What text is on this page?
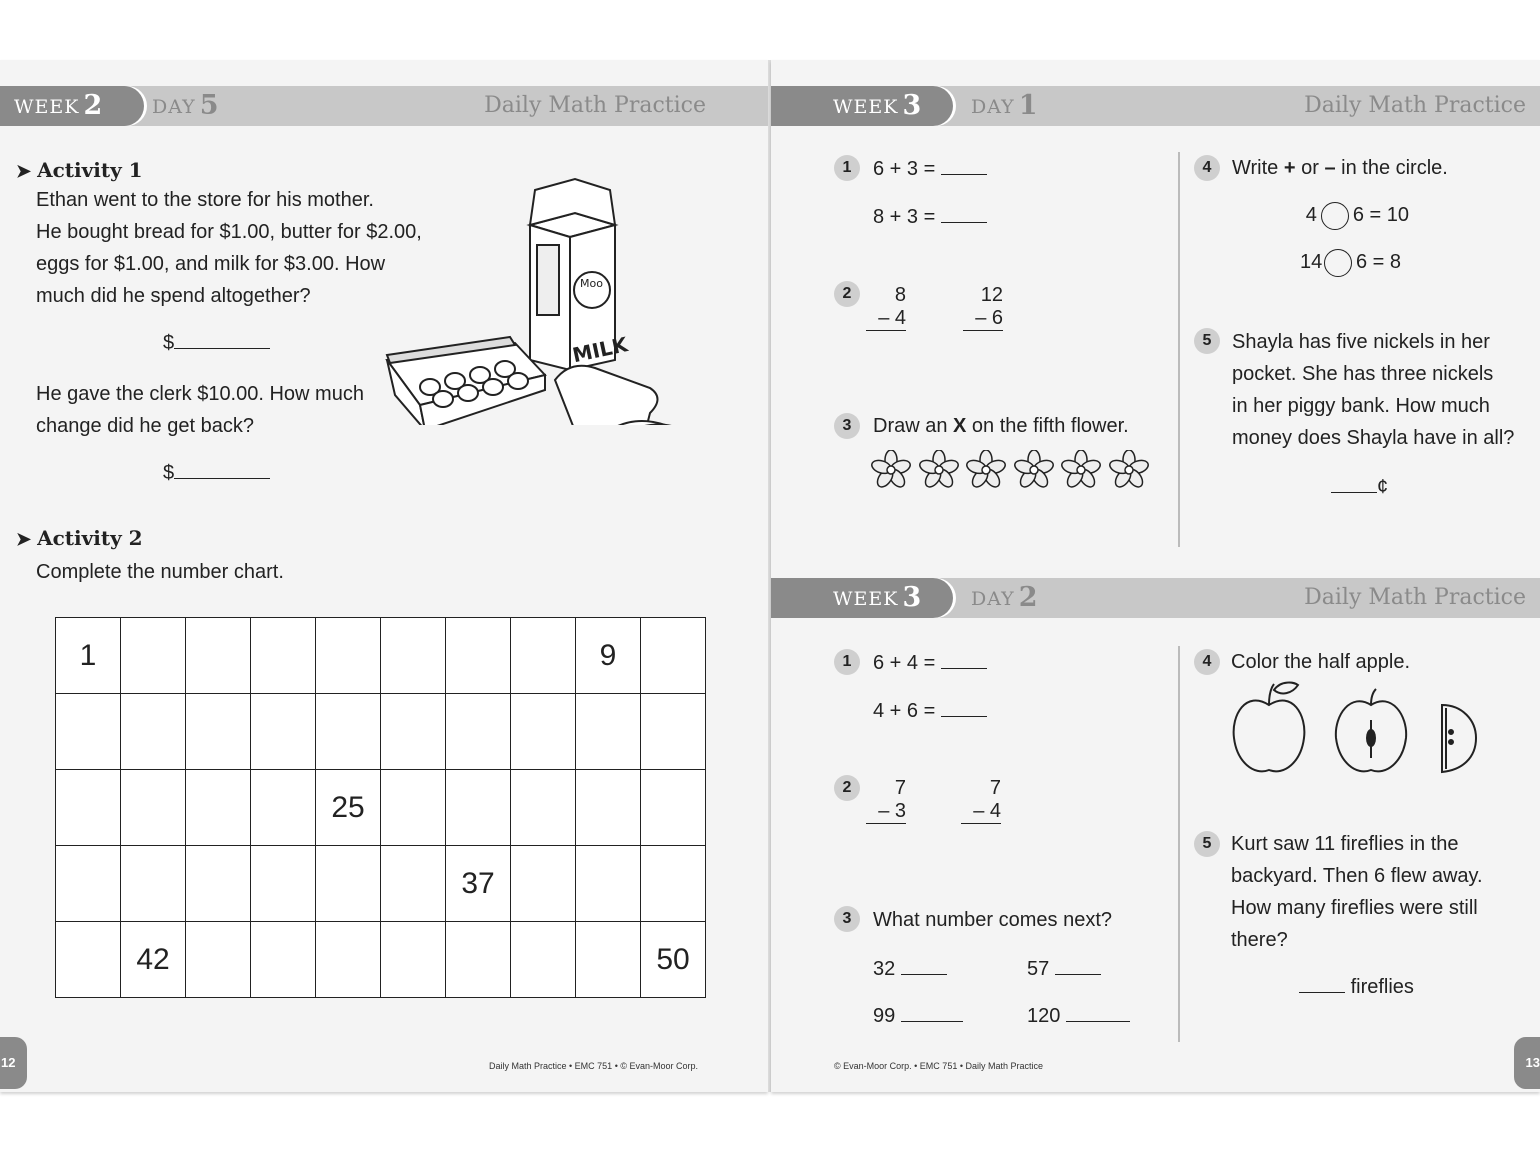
WEEK 2	DAY 5	Daily Math Practice
➤ Activity 1
Ethan went to the store for his mother.
He bought bread for $1.00, butter for $2.00,
eggs for $1.00, and milk for $3.00. How
much did he spend altogether?
$
He gave the clerk $10.00. How much
change did he get back?
$
Moo
MILK
➤ Activity 2
Complete the number chart.
Daily Math Practice • EMC 751 • © Evan-Moor Corp.
12
1								9	

				25					
						37			
	42								50
WEEK 3	DAY 1	Daily Math Practice
1	6 + 3 =
8 + 3 =
2	8
– 4
12
– 6
3	Draw an X on the fifth flower.
4	Write + or – in the circle.
4 6 = 10
14 6 = 8
5	Shayla has five nickels in her
pocket. She has three nickels
in her piggy bank. How much
money does Shayla have in all?
¢
WEEK 3	DAY 2	Daily Math Practice
1	6 + 4 =
4 + 6 =
2	7
– 3
7
– 4
3	What number comes next?
32	57
99	120
4 Color the half apple.
5 Kurt saw 11 fireflies in the
backyard. Then 6 flew away.
How many fireflies were still
there?
fireflies
© Evan-Moor Corp. • EMC 751 • Daily Math Practice	13
